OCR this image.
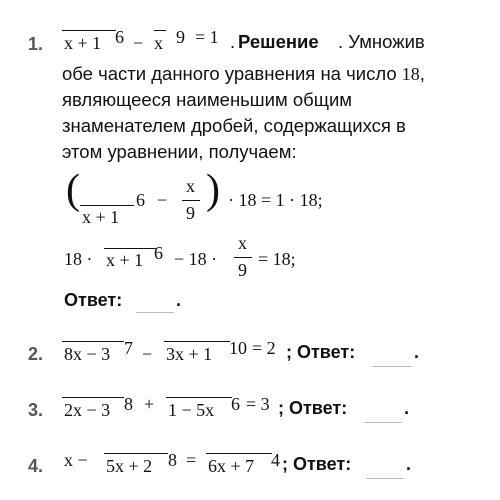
1. x + 1 6 − x 9 = 1 . Решение . Умножив
обе части данного уравнения на число 18,
являющееся наименьшим общим
знаменателем дробей, содержащихся в
этом уравнении, получаем:
(
x + 1
6 −
x
9 ) · 18 = 1 · 18;
18 · x + 1 6 − 18 ·
x
9
= 18;
Ответ:	.
2. 8x − 3 7 − 3x + 1 10 = 2 ; Ответ:	.
3. 2x − 3 8 + 1 − 5x 6 = 3 ; Ответ:	.
4. x − 5x + 2 8 = 6x + 7 4 ; Ответ:	.
